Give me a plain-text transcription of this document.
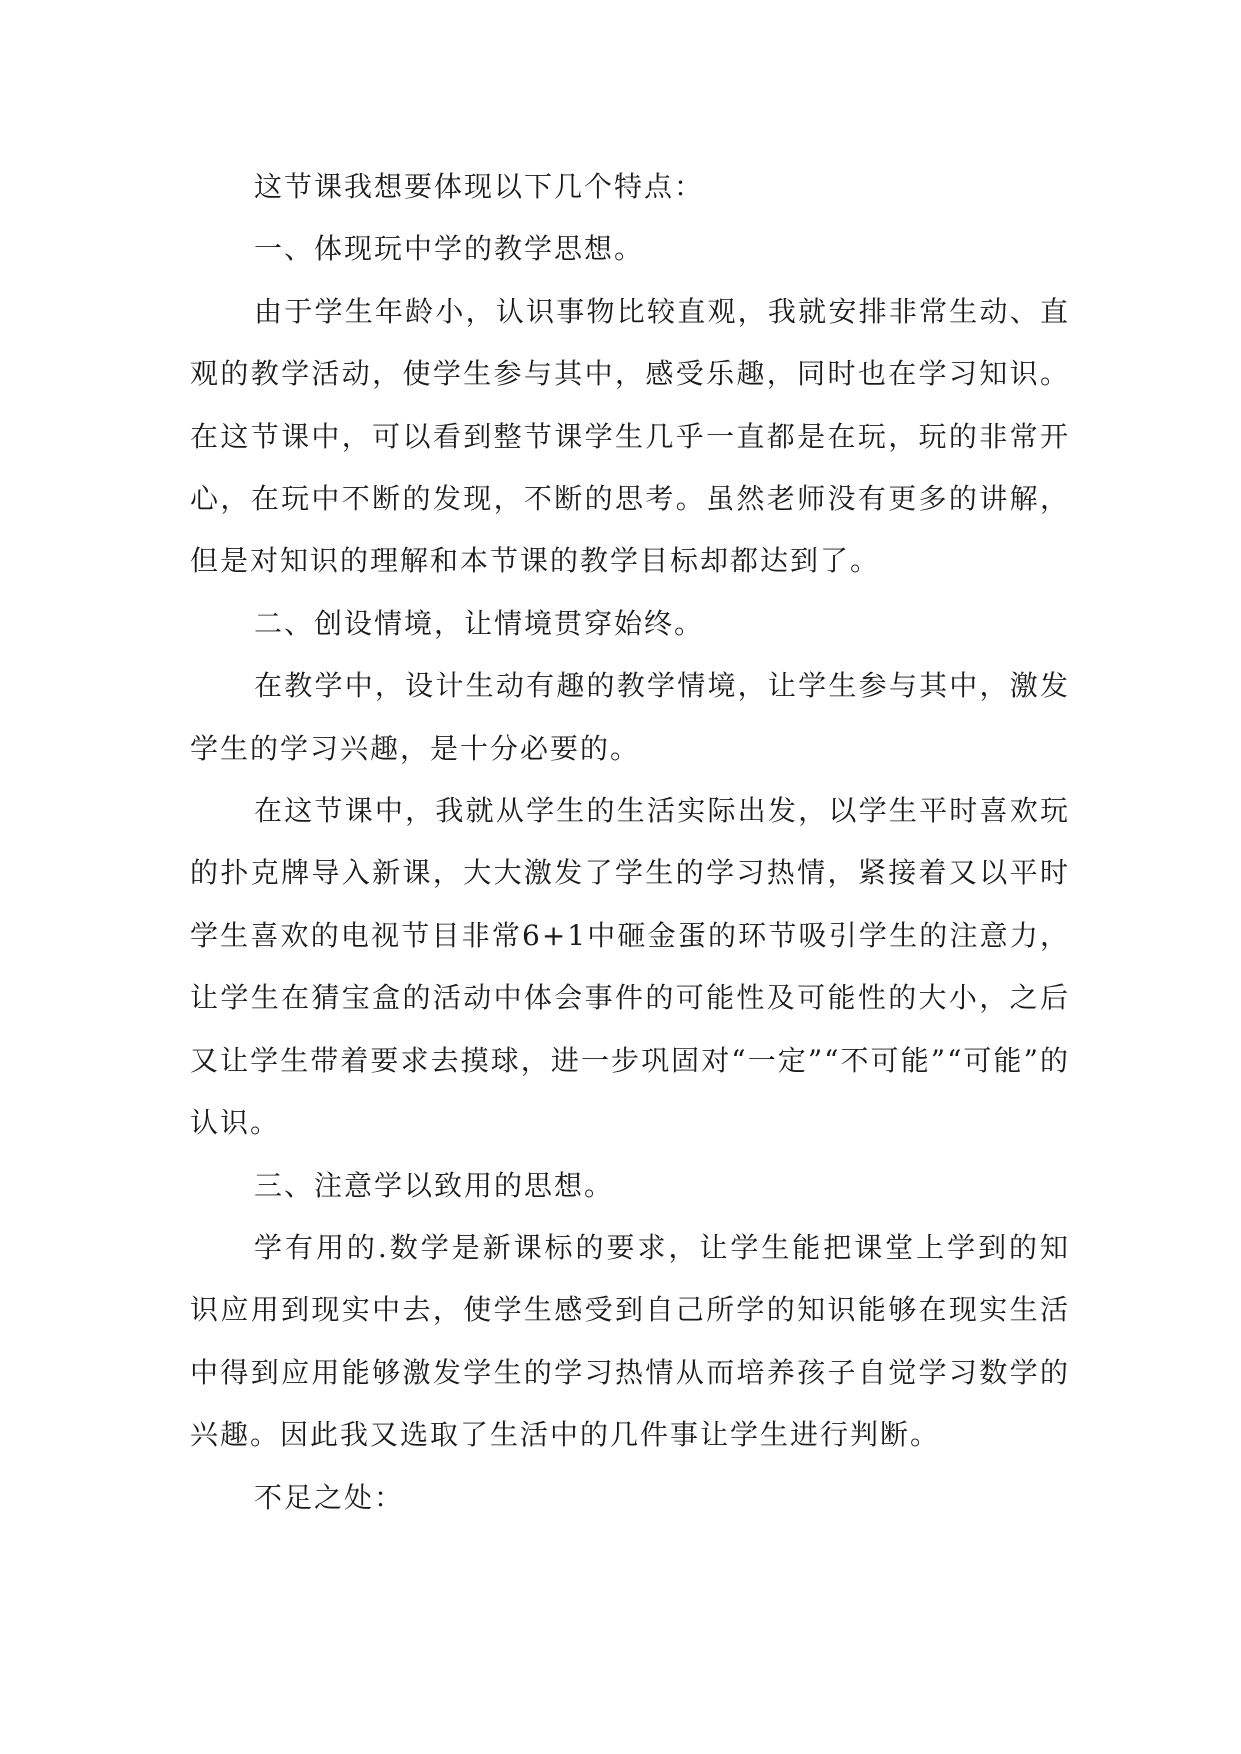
这节课我想要体现以下几个特点：

一、体现玩中学的教学思想。

由于学生年龄小，认识事物比较直观，我就安排非常生动、直观的教学活动，使学生参与其中，感受乐趣，同时也在学习知识。在这节课中，可以看到整节课学生几乎一直都是在玩，玩的非常开心，在玩中不断的发现，不断的思考。虽然老师没有更多的讲解，但是对知识的理解和本节课的教学目标却都达到了。

二、创设情境，让情境贯穿始终。

在教学中，设计生动有趣的教学情境，让学生参与其中，激发学生的学习兴趣，是十分必要的。

在这节课中，我就从学生的生活实际出发，以学生平时喜欢玩的扑克牌导入新课，大大激发了学生的学习热情，紧接着又以平时学生喜欢的电视节目非常6+1中砸金蛋的环节吸引学生的注意力，让学生在猜宝盒的活动中体会事件的可能性及可能性的大小，之后又让学生带着要求去摸球，进一步巩固对“一定”“不可能”“可能”的认识。

三、注意学以致用的思想。

学有用的.数学是新课标的要求，让学生能把课堂上学到的知识应用到现实中去，使学生感受到自己所学的知识能够在现实生活中得到应用能够激发学生的学习热情从而培养孩子自觉学习数学的兴趣。因此我又选取了生活中的几件事让学生进行判断。

不足之处：
